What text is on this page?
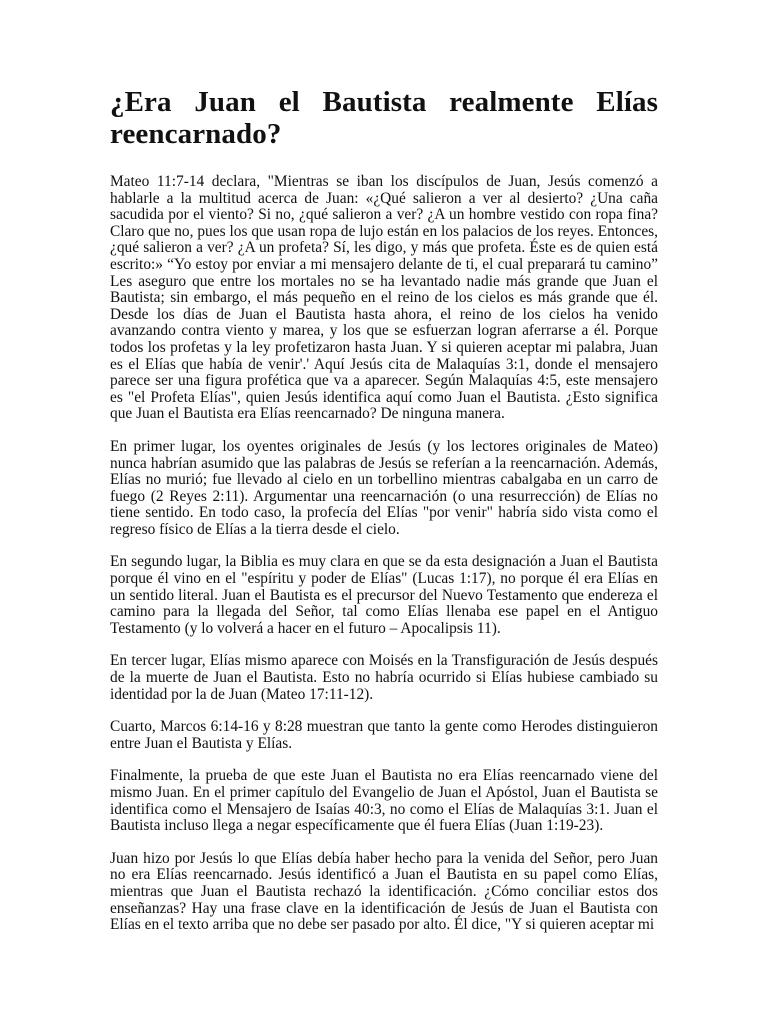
¿Era Juan el Bautista realmente Elías reencarnado?

Mateo 11:7-14 declara, "Mientras se iban los discípulos de Juan, Jesús comenzó a hablarle a la multitud acerca de Juan: «¿Qué salieron a ver al desierto? ¿Una caña sacudida por el viento? Si no, ¿qué salieron a ver? ¿A un hombre vestido con ropa fina? Claro que no, pues los que usan ropa de lujo están en los palacios de los reyes. Entonces, ¿qué salieron a ver? ¿A un profeta? Sí, les digo, y más que profeta. Éste es de quien está escrito:» “Yo estoy por enviar a mi mensajero delante de ti, el cual preparará tu camino” Les aseguro que entre los mortales no se ha levantado nadie más grande que Juan el Bautista; sin embargo, el más pequeño en el reino de los cielos es más grande que él. Desde los días de Juan el Bautista hasta ahora, el reino de los cielos ha venido avanzando contra viento y marea, y los que se esfuerzan logran aferrarse a él. Porque todos los profetas y la ley profetizaron hasta Juan. Y si quieren aceptar mi palabra, Juan es el Elías que había de venir'.' Aquí Jesús cita de Malaquías 3:1, donde el mensajero parece ser una figura profética que va a aparecer. Según Malaquías 4:5, este mensajero es "el Profeta Elías", quien Jesús identifica aquí como Juan el Bautista. ¿Esto significa que Juan el Bautista era Elías reencarnado? De ninguna manera.

En primer lugar, los oyentes originales de Jesús (y los lectores originales de Mateo) nunca habrían asumido que las palabras de Jesús se referían a la reencarnación. Además, Elías no murió; fue llevado al cielo en un torbellino mientras cabalgaba en un carro de fuego (2 Reyes 2:11). Argumentar una reencarnación (o una resurrección) de Elías no tiene sentido. En todo caso, la profecía del Elías "por venir" habría sido vista como el regreso físico de Elías a la tierra desde el cielo.

En segundo lugar, la Biblia es muy clara en que se da esta designación a Juan el Bautista porque él vino en el "espíritu y poder de Elías" (Lucas 1:17), no porque él era Elías en un sentido literal. Juan el Bautista es el precursor del Nuevo Testamento que endereza el camino para la llegada del Señor, tal como Elías llenaba ese papel en el Antiguo Testamento (y lo volverá a hacer en el futuro – Apocalipsis 11).

En tercer lugar, Elías mismo aparece con Moisés en la Transfiguración de Jesús después de la muerte de Juan el Bautista. Esto no habría ocurrido si Elías hubiese cambiado su identidad por la de Juan (Mateo 17:11-12).

Cuarto, Marcos 6:14-16 y 8:28 muestran que tanto la gente como Herodes distinguieron entre Juan el Bautista y Elías.

Finalmente, la prueba de que este Juan el Bautista no era Elías reencarnado viene del mismo Juan. En el primer capítulo del Evangelio de Juan el Apóstol, Juan el Bautista se identifica como el Mensajero de Isaías 40:3, no como el Elías de Malaquías 3:1. Juan el Bautista incluso llega a negar específicamente que él fuera Elías (Juan 1:19-23).

Juan hizo por Jesús lo que Elías debía haber hecho para la venida del Señor, pero Juan no era Elías reencarnado. Jesús identificó a Juan el Bautista en su papel como Elías, mientras que Juan el Bautista rechazó la identificación. ¿Cómo conciliar estos dos enseñanzas? Hay una frase clave en la identificación de Jesús de Juan el Bautista con Elías en el texto arriba que no debe ser pasado por alto. Él dice, "Y si quieren aceptar mi
